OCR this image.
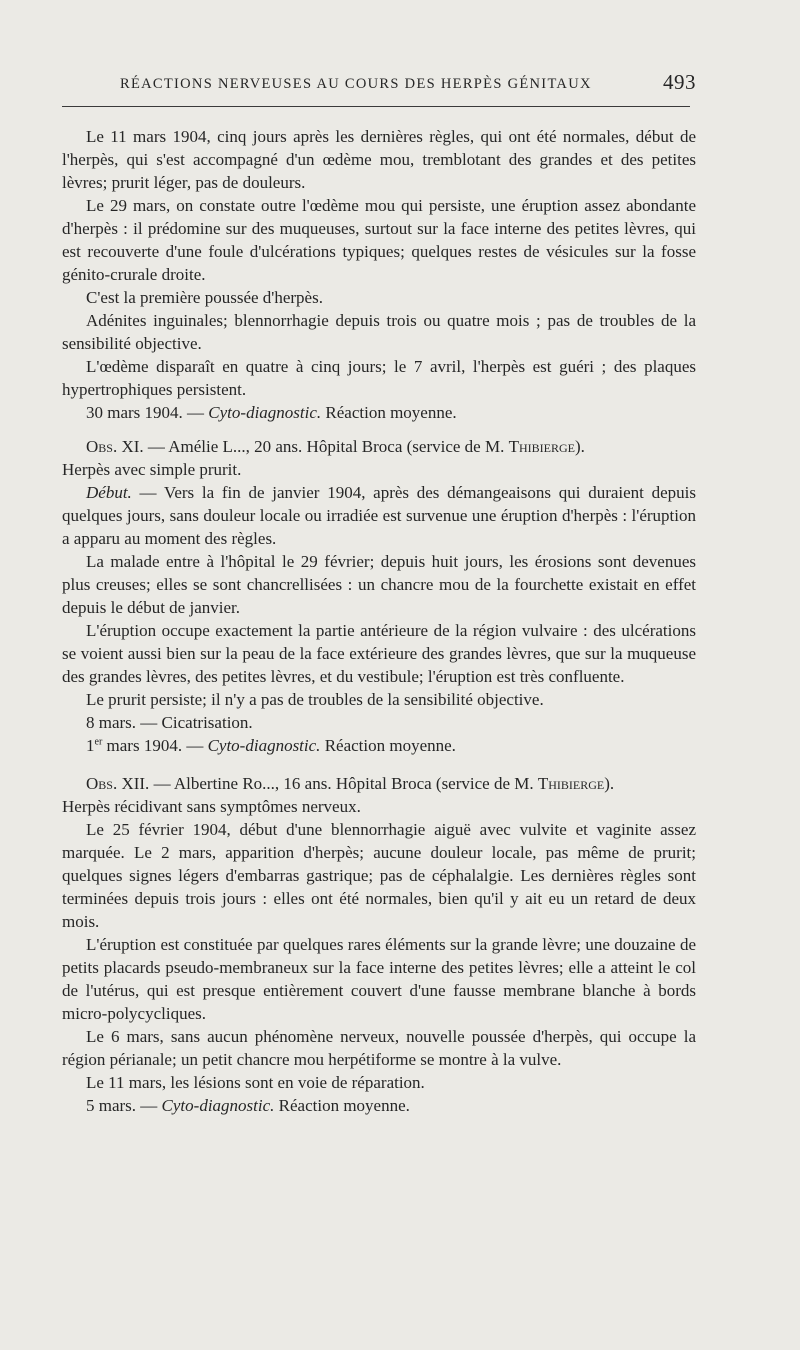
RÉACTIONS NERVEUSES AU COURS DES HERPÈS GÉNITAUX	493

Le 11 mars 1904, cinq jours après les dernières règles, qui ont été normales, début de l'herpès, qui s'est accompagné d'un œdème mou, tremblotant des grandes et des petites lèvres; prurit léger, pas de douleurs.

Le 29 mars, on constate outre l'œdème mou qui persiste, une éruption assez abondante d'herpès : il prédomine sur des muqueuses, surtout sur la face interne des petites lèvres, qui est recouverte d'une foule d'ulcérations typiques; quelques restes de vésicules sur la fosse génito-crurale droite.

C'est la première poussée d'herpès.

Adénites inguinales; blennorrhagie depuis trois ou quatre mois ; pas de troubles de la sensibilité objective.

L'œdème disparaît en quatre à cinq jours; le 7 avril, l'herpès est guéri ; des plaques hypertrophiques persistent.

30 mars 1904. — Cyto-diagnostic. Réaction moyenne.

Obs. XI. — Amélie L..., 20 ans. Hôpital Broca (service de M. Thibierge).

Herpès avec simple prurit.

Début. — Vers la fin de janvier 1904, après des démangeaisons qui duraient depuis quelques jours, sans douleur locale ou irradiée est survenue une éruption d'herpès : l'éruption a apparu au moment des règles.

La malade entre à l'hôpital le 29 février; depuis huit jours, les érosions sont devenues plus creuses; elles se sont chancrellisées : un chancre mou de la fourchette existait en effet depuis le début de janvier.

L'éruption occupe exactement la partie antérieure de la région vulvaire : des ulcérations se voient aussi bien sur la peau de la face extérieure des grandes lèvres, que sur la muqueuse des grandes lèvres, des petites lèvres, et du vestibule; l'éruption est très confluente.

Le prurit persiste; il n'y a pas de troubles de la sensibilité objective.

8 mars. — Cicatrisation.

1er mars 1904. — Cyto-diagnostic. Réaction moyenne.

Obs. XII. — Albertine Ro..., 16 ans. Hôpital Broca (service de M. Thibierge).

Herpès récidivant sans symptômes nerveux.

Le 25 février 1904, début d'une blennorrhagie aiguë avec vulvite et vaginite assez marquée. Le 2 mars, apparition d'herpès; aucune douleur locale, pas même de prurit; quelques signes légers d'embarras gastrique; pas de céphalalgie. Les dernières règles sont terminées depuis trois jours : elles ont été normales, bien qu'il y ait eu un retard de deux mois.

L'éruption est constituée par quelques rares éléments sur la grande lèvre; une douzaine de petits placards pseudo-membraneux sur la face interne des petites lèvres; elle a atteint le col de l'utérus, qui est presque entièrement couvert d'une fausse membrane blanche à bords micro-polycycliques.

Le 6 mars, sans aucun phénomène nerveux, nouvelle poussée d'herpès, qui occupe la région périanale; un petit chancre mou herpétiforme se montre à la vulve.

Le 11 mars, les lésions sont en voie de réparation.

5 mars. — Cyto-diagnostic. Réaction moyenne.
